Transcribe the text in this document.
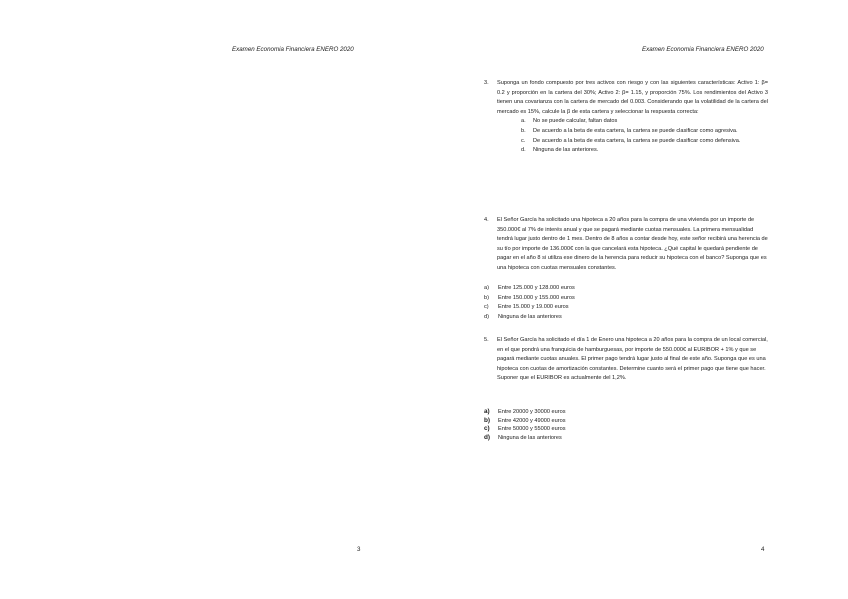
Examen Economia Financiera ENERO 2020
3
Examen Economia Financiera ENERO 2020
3. Suponga un fondo compuesto por tres activos con riesgo y con las siguientes características: Activo 1: β= 0.2 y proporción en la cartera del 30%; Activo 2: β= 1.15, y proporción 75%. Los rendimientos del Activo 3 tienen una covarianza con la cartera de mercado del 0.003. Considerando que la volatilidad de la cartera del mercado es 15%, calcule la β de esta cartera y seleccionar la respuesta correcta:
a. No se puede calcular, faltan datos
b. De acuerdo a la beta de esta cartera, la cartera se puede clasificar como agresiva.
c. De acuerdo a la beta de esta cartera, la cartera se puede clasificar como defensiva.
d. Ninguna de las anteriores.
4. El Señor García ha solicitado una hipoteca a 20 años para la compra de una vivienda por un importe de 350.000€ al 7% de interés anual y que se pagará mediante cuotas mensuales. La primera mensualidad tendrá lugar justo dentro de 1 mes. Dentro de 8 años a contar desde hoy, este señor recibirá una herencia de su tío por importe de 136.000€ con la que cancelará esta hipoteca. ¿Qué capital le quedará pendiente de pagar en el año 8 si utiliza ese dinero de la herencia para reducir su hipoteca con el banco? Suponga que es una hipoteca con cuotas mensuales constantes.
a) Entre 125.000 y 128.000 euros
b) Entre 150.000 y 155.000 euros
c) Entre 15.000 y 19.000 euros
d) Ninguna de las anteriores
5. El Señor García ha solicitado el día 1 de Enero una hipoteca a 20 años para la compra de un local comercial, en el que pondrá una franquicia de hamburguesas, por importe de 550.000€ al EURIBOR + 1% y que se pagará mediante cuotas anuales. El primer pago tendrá lugar justo al final de este año. Suponga que es una hipoteca con cuotas de amortización constantes. Determine cuanto será el primer pago que tiene que hacer. Suponer que el EURIBOR es actualmente del 1,2%.
a) Entre 20000 y 30000 euros
b) Entre 42000 y 49000 euros
c) Entre 50000 y 55000 euros
d) Ninguna de las anteriores
4
